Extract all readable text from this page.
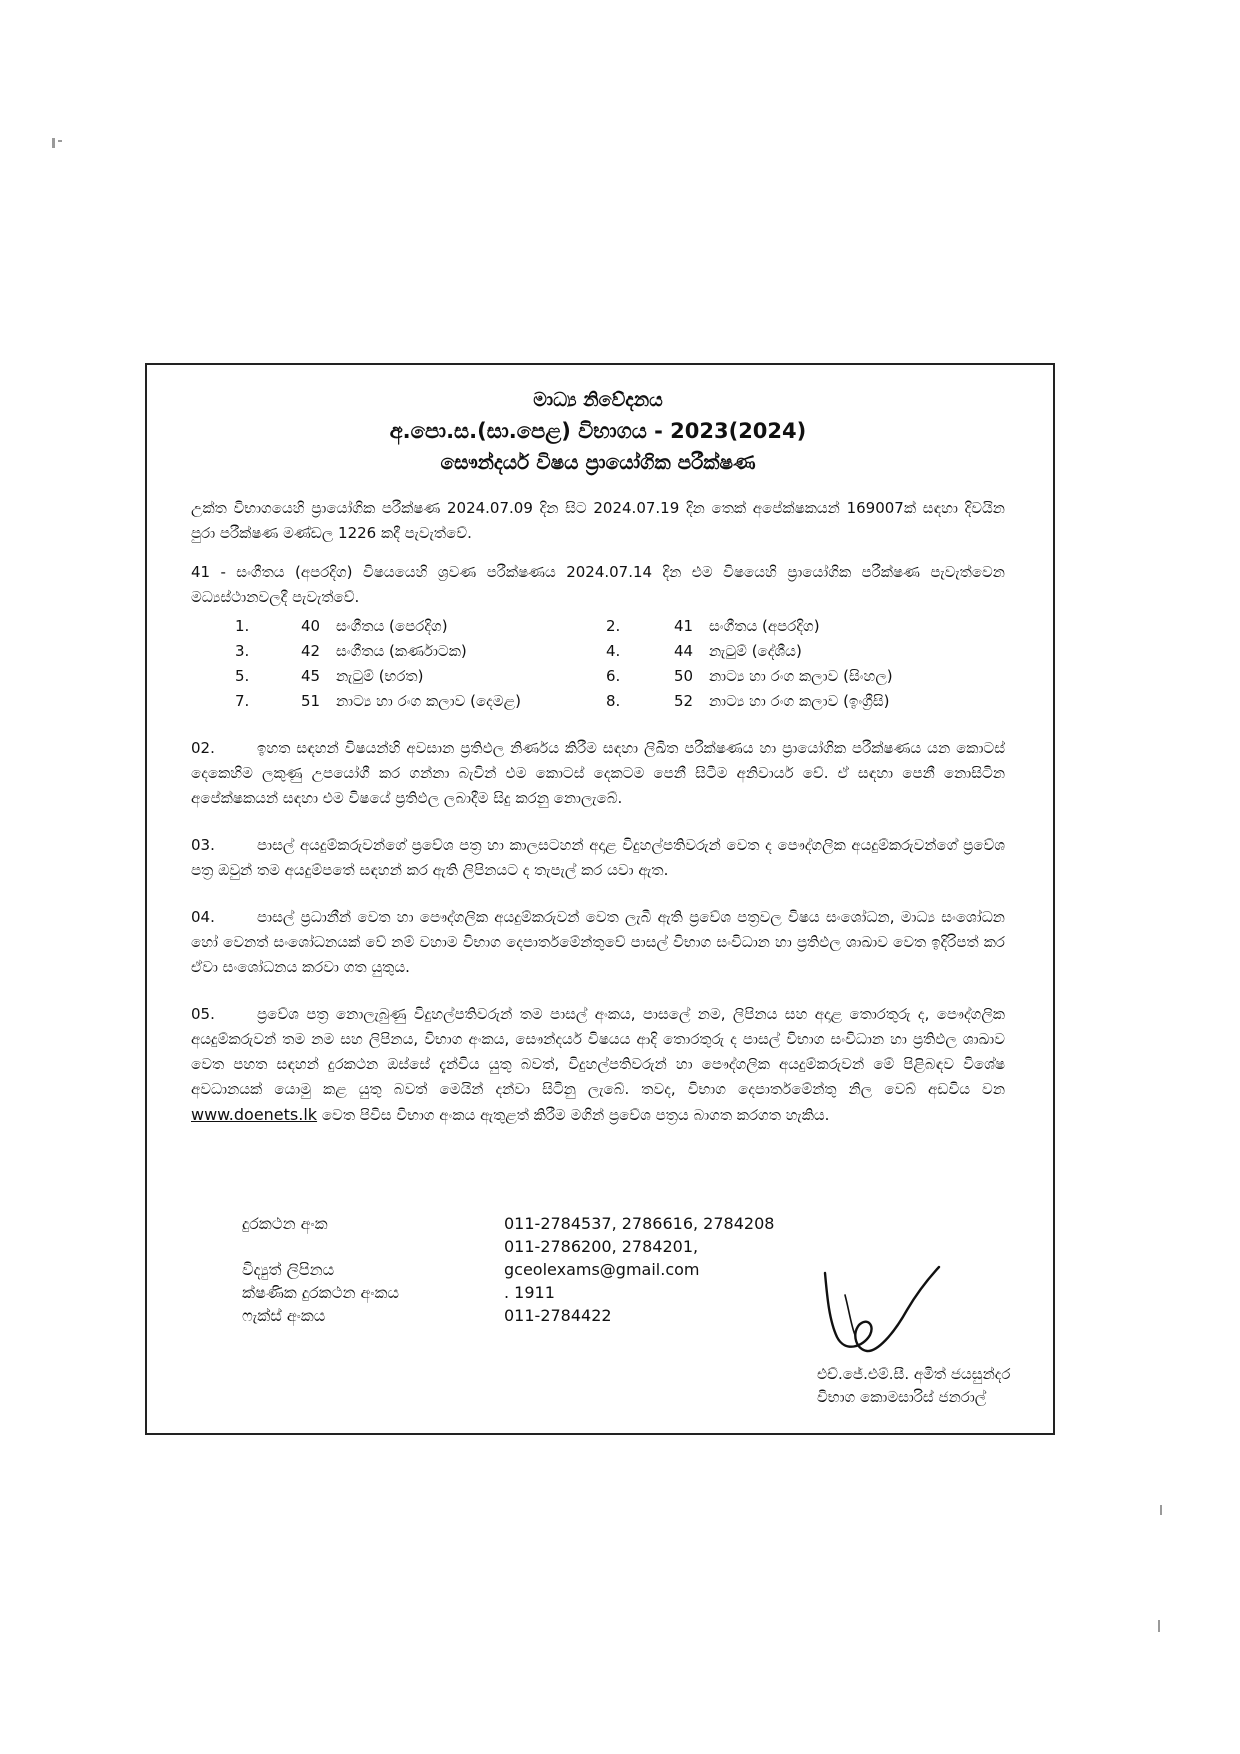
මාධ්‍ය නිවේදනය
අ.පො.ස.(සා.පෙළ) විභාගය - 2023(2024)
සෞන්දර්ය විෂය ප්‍රායෝගික පරීක්ෂණ

උක්ත විභාගයෙහි ප්‍රායෝගික පරීක්ෂණ 2024.07.09 දින සිට 2024.07.19 දින තෙක් අපේක්ෂකයන් 169007ක් සඳහා දිවයින පුරා පරීක්ෂණ මණ්ඩල 1226 කදී පැවැත්වේ.

41 - සංගීතය (අපරදිග) විෂයයෙහි ශ්‍රවණ පරීක්ෂණය 2024.07.14 දින එම විෂයෙහි ප්‍රායෝගික පරීක්ෂණ පැවැත්වෙන මධ්‍යස්ථානවලදී පැවැත්වේ.

1.	40	සංගීතය (පෙරදිග)	2.	41	සංගීතය (අපරදිග)
3.	42	සංගීතය (කර්ණාටක)	4.	44	නැටුම් (දේශීය)
5.	45	නැටුම් (භරත)	6.	50	නාට්‍ය හා රංග කලාව (සිංහල)
7.	51	නාට්‍ය හා රංග කලාව (දෙමළ)	8.	52	නාට්‍ය හා රංග කලාව (ඉංග්‍රීසි)

02.	ඉහත සඳහන් විෂයන්හි අවසාන ප්‍රතිඵල නිර්ණය කිරීම සඳහා ලිඛිත පරීක්ෂණය හා ප්‍රායෝගික පරීක්ෂණය යන කොටස් දෙකෙහිම ලකුණු උපයෝගී කර ගන්නා බැවින් එම කොටස් දෙකටම පෙනී සිටීම අනිවාර්ය වේ. ඒ සඳහා පෙනී නොසිටින අපේක්ෂකයන් සඳහා එම විෂයේ ප්‍රතිඵල ලබාදීම සිදු කරනු නොලැබේ.

03.	පාසල් අයදුම්කරුවන්ගේ ප්‍රවේශ පත්‍ර හා කාලසටහන් අදාළ විදුහල්පතිවරුන් වෙත ද පෞද්ගලික අයදුම්කරුවන්ගේ ප්‍රවේශ පත්‍ර ඔවුන් තම අයදුම්පතේ සඳහන් කර ඇති ලිපිනයට ද තැපැල් කර යවා ඇත.

04.	පාසල් ප්‍රධානීන් වෙත හා පෞද්ගලික අයදුම්කරුවන් වෙත ලැබී ඇති ප්‍රවේශ පත්‍රවල විෂය සංශෝධන, මාධ්‍ය සංශෝධන හෝ වෙනත් සංශෝධනයක් වේ නම් වහාම විභාග දෙපාර්තමේන්තුවේ පාසල් විභාග සංවිධාන හා ප්‍රතිඵල ශාඛාව වෙත ඉදිරිපත් කර ඒවා සංශෝධනය කරවා ගත යුතුය.

05.	ප්‍රවේශ පත්‍ර නොලැබුණු විදුහල්පතිවරුන් තම පාසල් අංකය, පාසලේ නම, ලිපිනය සහ අදාළ තොරතුරු ද, පෞද්ගලික අයදුම්කරුවන් තම නම සහ ලිපිනය, විභාග අංකය, සෞන්දර්ය විෂයය ආදි තොරතුරු ද පාසල් විභාග සංවිධාන හා ප්‍රතිඵල ශාඛාව වෙත පහත සඳහන් දුරකථන ඔස්සේ දැන්විය යුතු බවත්, විදුහල්පතිවරුන් හා පෞද්ගලික අයදුම්කරුවන් මේ පිළිබඳව විශේෂ අවධානයක් යොමු කළ යුතු බවත් මෙයින් දන්වා සිටිනු ලැබේ. තවද, විභාග දෙපාර්තමේන්තු නිල වෙබ් අඩවිය වන www.doenets.lk වෙත පිවිස විභාග අංකය ඇතුළත් කිරීම මගින් ප්‍රවේශ පත්‍රය බාගත කරගත හැකිය.

දුරකථන අංක	011-2784537, 2786616, 2784208
011-2786200, 2784201,
විද්‍යුත් ලිපිනය	gceolexams@gmail.com
ක්ෂණික දුරකථන අංකය	. 1911
ෆැක්ස් අංකය	011-2784422
එච්.ජේ.එම්.සී. අමිත් ජයසුන්දර
විභාග කොමසාරිස් ජනරාල්
